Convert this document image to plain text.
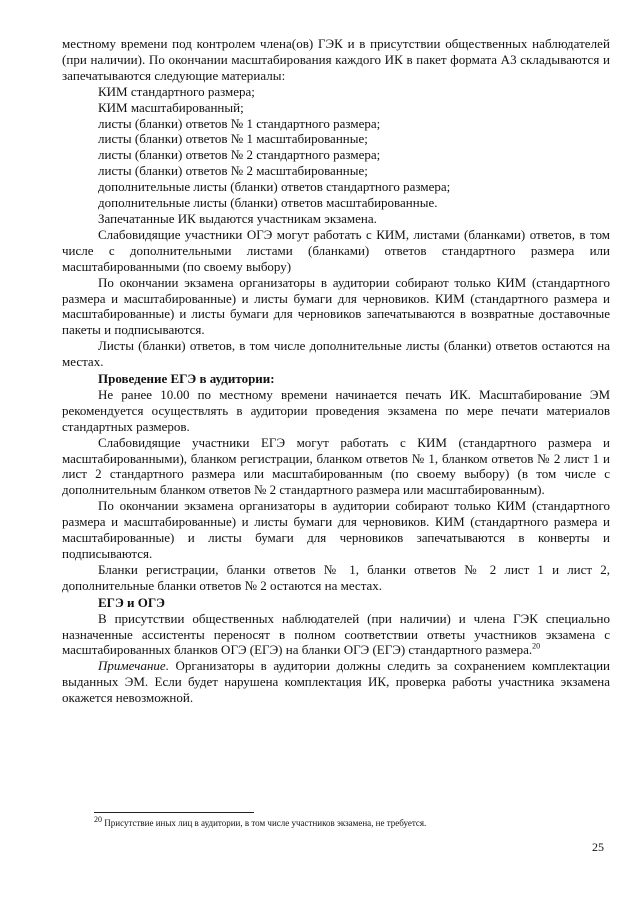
местному времени под контролем члена(ов) ГЭК и в присутствии общественных наблюдателей (при наличии). По окончании масштабирования каждого ИК в пакет формата А3 складываются и запечатываются следующие материалы:

КИМ стандартного размера;

КИМ масштабированный;

листы (бланки) ответов № 1 стандартного размера;

листы (бланки) ответов № 1 масштабированные;

листы (бланки) ответов № 2 стандартного размера;

листы (бланки) ответов № 2 масштабированные;

дополнительные листы (бланки) ответов стандартного размера;

дополнительные листы (бланки) ответов масштабированные.

Запечатанные ИК выдаются участникам экзамена.

Слабовидящие участники ОГЭ могут работать с КИМ, листами (бланками) ответов, в том числе с дополнительными листами (бланками) ответов стандартного размера или масштабированными (по своему выбору)

По окончании экзамена организаторы в аудитории собирают только КИМ (стандартного размера и масштабированные) и листы бумаги для черновиков. КИМ (стандартного размера и масштабированные) и листы бумаги для черновиков запечатываются в возвратные доставочные пакеты и подписываются.

Листы (бланки) ответов, в том числе дополнительные листы (бланки) ответов остаются на местах.

Проведение ЕГЭ в аудитории:

Не ранее 10.00 по местному времени начинается печать ИК. Масштабирование ЭМ рекомендуется осуществлять в аудитории проведения экзамена по мере печати материалов стандартных размеров.

Слабовидящие участники ЕГЭ могут работать с КИМ (стандартного размера и масштабированными), бланком регистрации, бланком ответов № 1, бланком ответов № 2 лист 1 и лист 2 стандартного размера или масштабированным (по своему выбору) (в том числе с дополнительным бланком ответов № 2 стандартного размера или масштабированным).

По окончании экзамена организаторы в аудитории собирают только КИМ (стандартного размера и масштабированные) и листы бумаги для черновиков. КИМ (стандартного размера и масштабированные) и листы бумаги для черновиков запечатываются в конверты и подписываются.

Бланки регистрации, бланки ответов № 1, бланки ответов № 2 лист 1 и лист 2, дополнительные бланки ответов № 2 остаются на местах.

ЕГЭ и ОГЭ

В присутствии общественных наблюдателей (при наличии) и члена ГЭК специально назначенные ассистенты переносят в полном соответствии ответы участников экзамена с масштабированных бланков ОГЭ (ЕГЭ) на бланки ОГЭ (ЕГЭ) стандартного размера.$^{20}$

Примечание. Организаторы в аудитории должны следить за сохранением комплектации выданных ЭМ. Если будет нарушена комплектация ИК, проверка работы участника экзамена окажется невозможной.

$^{20}$ Присутствие иных лиц в аудитории, в том числе участников экзамена, не требуется.
25
